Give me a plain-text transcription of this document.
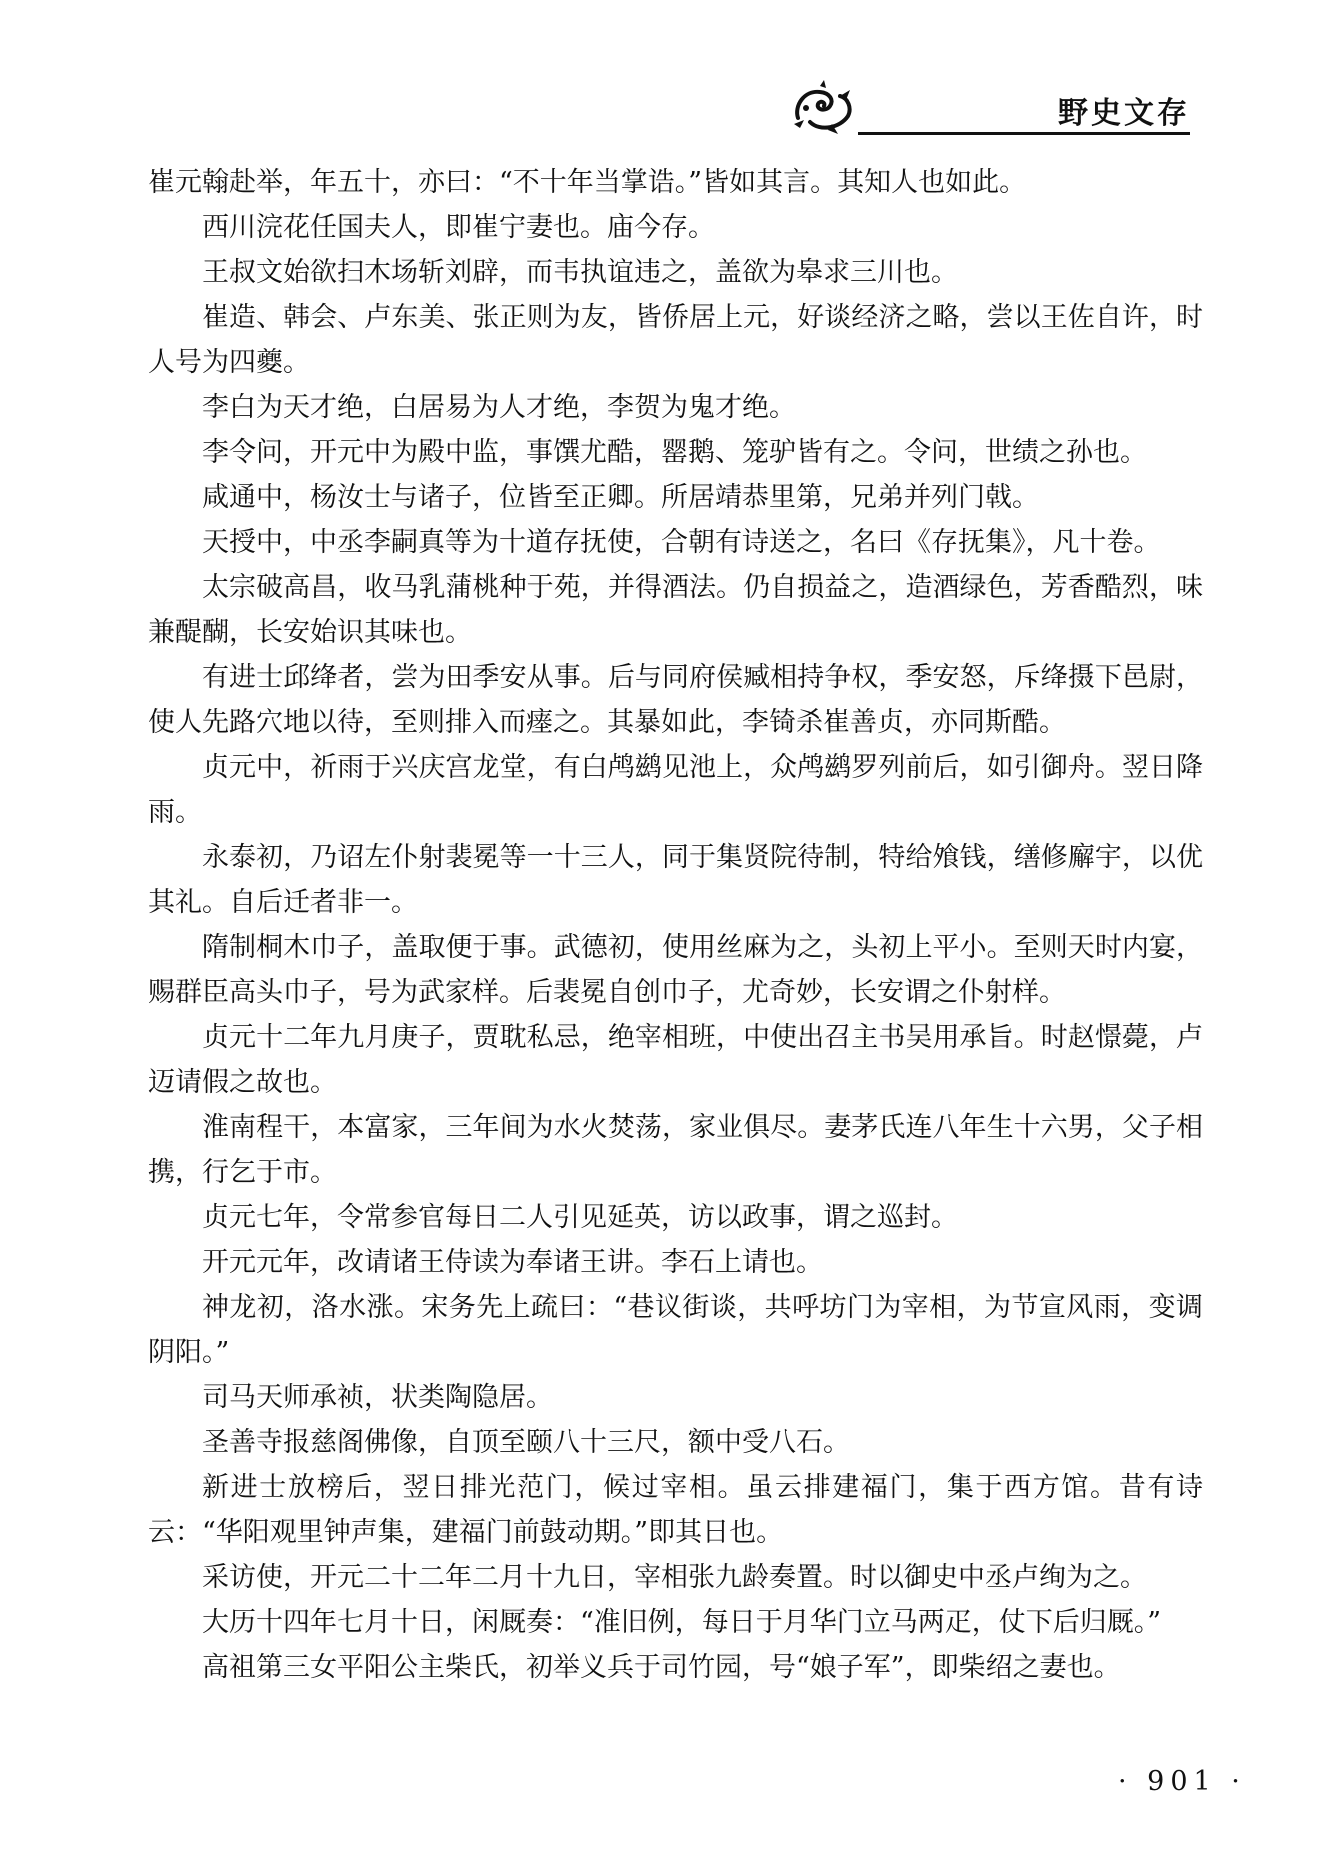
野史文存

崔元翰赴举，年五十，亦曰：“不十年当掌诰。”皆如其言。其知人也如此。

西川浣花任国夫人，即崔宁妻也。庙今存。

王叔文始欲扫木场斩刘辟，而韦执谊违之，盖欲为皋求三川也。

崔造、韩会、卢东美、张正则为友，皆侨居上元，好谈经济之略，尝以王佐自许，时人号为四夔。

李白为天才绝，白居易为人才绝，李贺为鬼才绝。

李令问，开元中为殿中监，事馔尤酷，罂鹅、笼驴皆有之。令问，世绩之孙也。

咸通中，杨汝士与诸子，位皆至正卿。所居靖恭里第，兄弟并列门戟。

天授中，中丞李嗣真等为十道存抚使，合朝有诗送之，名曰《存抚集》，凡十卷。

太宗破高昌，收马乳蒲桃种于苑，并得酒法。仍自损益之，造酒绿色，芳香酷烈，味兼醍醐，长安始识其味也。

有进士邱绛者，尝为田季安从事。后与同府侯臧相持争权，季安怒，斥绛摄下邑尉，使人先路穴地以待，至则排入而瘗之。其暴如此，李锜杀崔善贞，亦同斯酷。

贞元中，祈雨于兴庆宫龙堂，有白鸬鹚见池上，众鸬鹚罗列前后，如引御舟。翌日降雨。

永泰初，乃诏左仆射裴冕等一十三人，同于集贤院待制，特给飧钱，缮修廨宇，以优其礼。自后迁者非一。

隋制桐木巾子，盖取便于事。武德初，使用丝麻为之，头初上平小。至则天时内宴，赐群臣高头巾子，号为武家样。后裴冕自创巾子，尤奇妙，长安谓之仆射样。

贞元十二年九月庚子，贾耽私忌，绝宰相班，中使出召主书吴用承旨。时赵憬薨，卢迈请假之故也。

淮南程干，本富家，三年间为水火焚荡，家业俱尽。妻茅氏连八年生十六男，父子相携，行乞于市。

贞元七年，令常参官每日二人引见延英，访以政事，谓之巡封。

开元元年，改请诸王侍读为奉诸王讲。李石上请也。

神龙初，洛水涨。宋务先上疏曰：“巷议街谈，共呼坊门为宰相，为节宣风雨，变调阴阳。”

司马天师承祯，状类陶隐居。

圣善寺报慈阁佛像，自顶至颐八十三尺，额中受八石。

新进士放榜后，翌日排光范门，候过宰相。虽云排建福门，集于西方馆。昔有诗云：“华阳观里钟声集，建福门前鼓动期。”即其日也。

采访使，开元二十二年二月十九日，宰相张九龄奏置。时以御史中丞卢绚为之。

大历十四年七月十日，闲厩奏：“准旧例，每日于月华门立马两疋，仗下后归厩。”

高祖第三女平阳公主柴氏，初举义兵于司竹园，号“娘子军”，即柴绍之妻也。

· 901 ·
